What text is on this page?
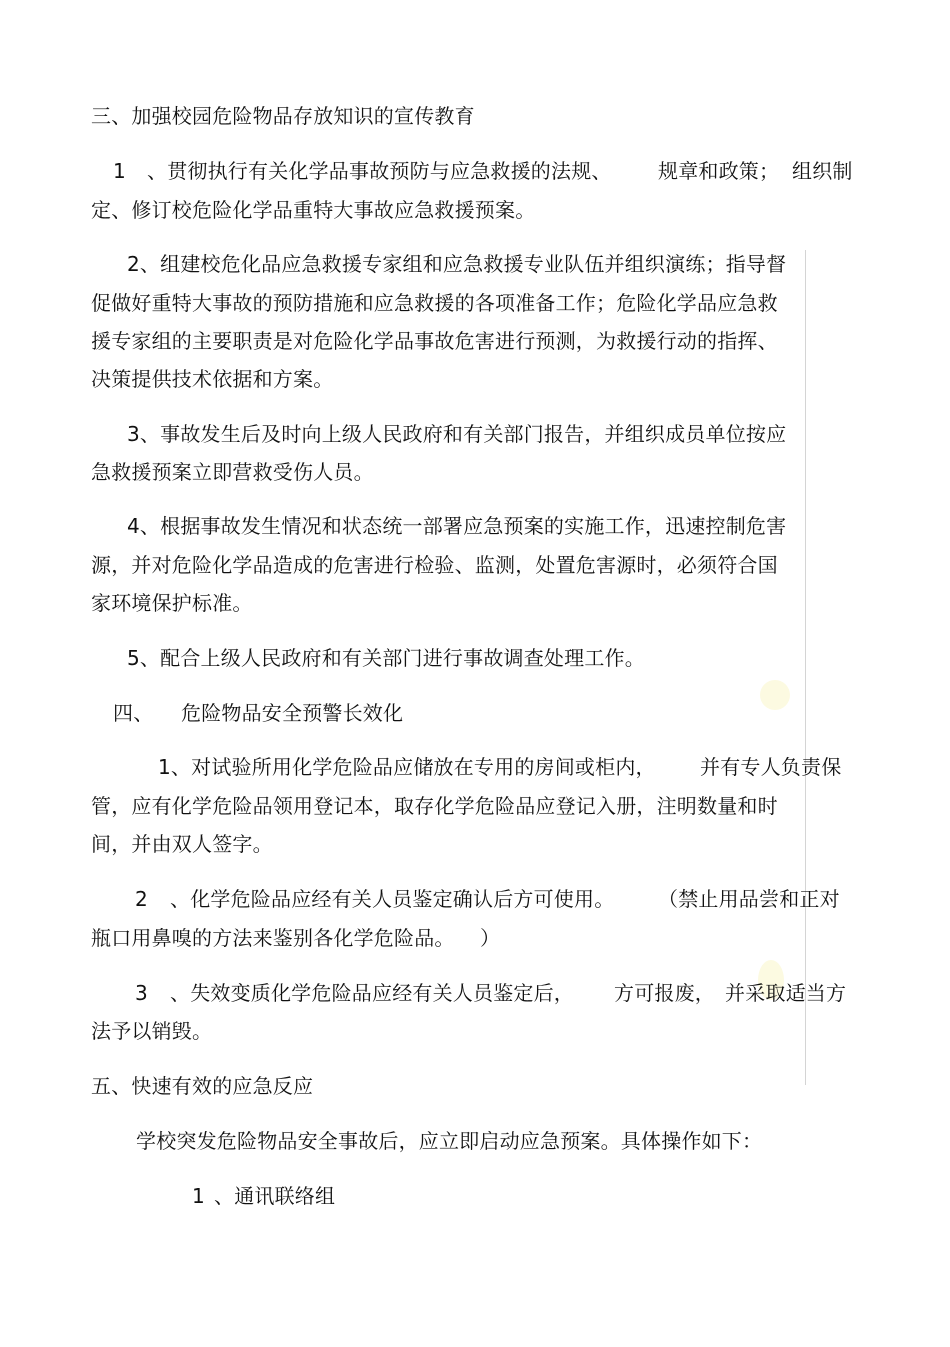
三、加强校园危险物品存放知识的宣传教育
1 、贯彻执行有关化学品事故预防与应急救援的法规、 规章和政策； 组织制
定、修订校危险化学品重特大事故应急救援预案。
2、组建校危化品应急救援专家组和应急救援专业队伍并组织演练；指导督
促做好重特大事故的预防措施和应急救援的各项准备工作；危险化学品应急救
援专家组的主要职责是对危险化学品事故危害进行预测，为救援行动的指挥、
决策提供技术依据和方案。
3、事故发生后及时向上级人民政府和有关部门报告，并组织成员单位按应
急救援预案立即营救受伤人员。
4、根据事故发生情况和状态统一部署应急预案的实施工作，迅速控制危害
源，并对危险化学品造成的危害进行检验、监测，处置危害源时，必须符合国
家环境保护标准。
5、配合上级人民政府和有关部门进行事故调查处理工作。
四、 危险物品安全预警长效化
1、对试验所用化学危险品应储放在专用的房间或柜内， 并有专人负责保
管，应有化学危险品领用登记本，取存化学危险品应登记入册，注明数量和时
间，并由双人签字。
2 、化学危险品应经有关人员鉴定确认后方可使用。 （禁止用品尝和正对
瓶口用鼻嗅的方法来鉴别各化学危险品。 ）
3 、失效变质化学危险品应经有关人员鉴定后， 方可报废， 并采取适当方
法予以销毁。
五、快速有效的应急反应
学校突发危险物品安全事故后，应立即启动应急预案。具体操作如下：
1 、通讯联络组
